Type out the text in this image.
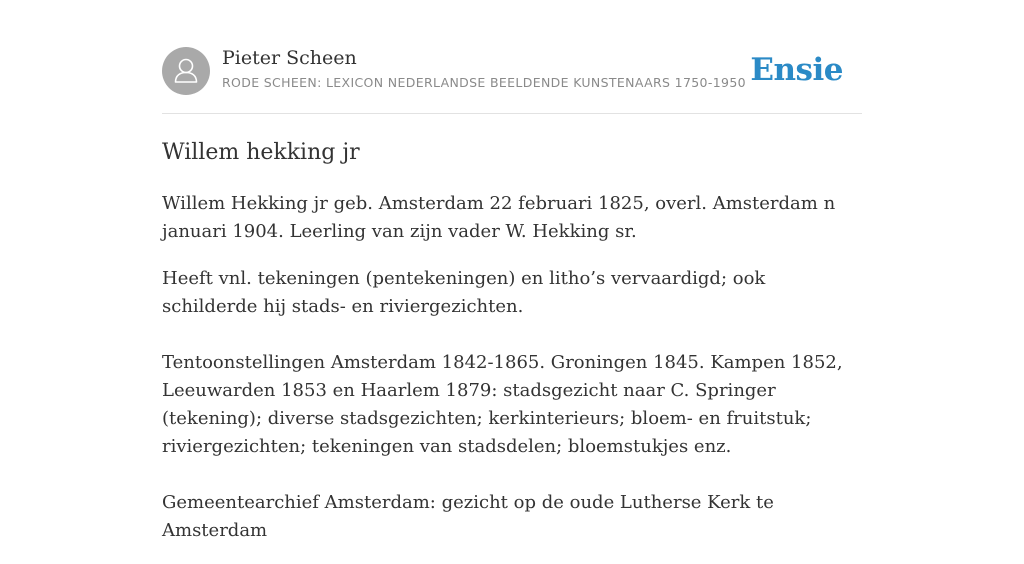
Pieter Scheen
RODE SCHEEN: LEXICON NEDERLANDSE BEELDENDE KUNSTENAARS 1750-1950 Ensie
Willem hekking jr

Willem Hekking jr geb. Amsterdam 22 februari 1825, overl. Amsterdam n januari 1904. Leerling van zijn vader W. Hekking sr.

Heeft vnl. tekeningen (pentekeningen) en litho’s vervaardigd; ook schilderde hij stads- en riviergezichten.

Tentoonstellingen Amsterdam 1842-1865. Groningen 1845. Kampen 1852, Leeuwarden 1853 en Haarlem 1879: stadsgezicht naar C. Springer (tekening); diverse stadsgezichten; kerkinterieurs; bloem- en fruitstuk; riviergezichten; tekeningen van stadsdelen; bloemstukjes enz.

Gemeentearchief Amsterdam: gezicht op de oude Lutherse Kerk te Amsterdam
